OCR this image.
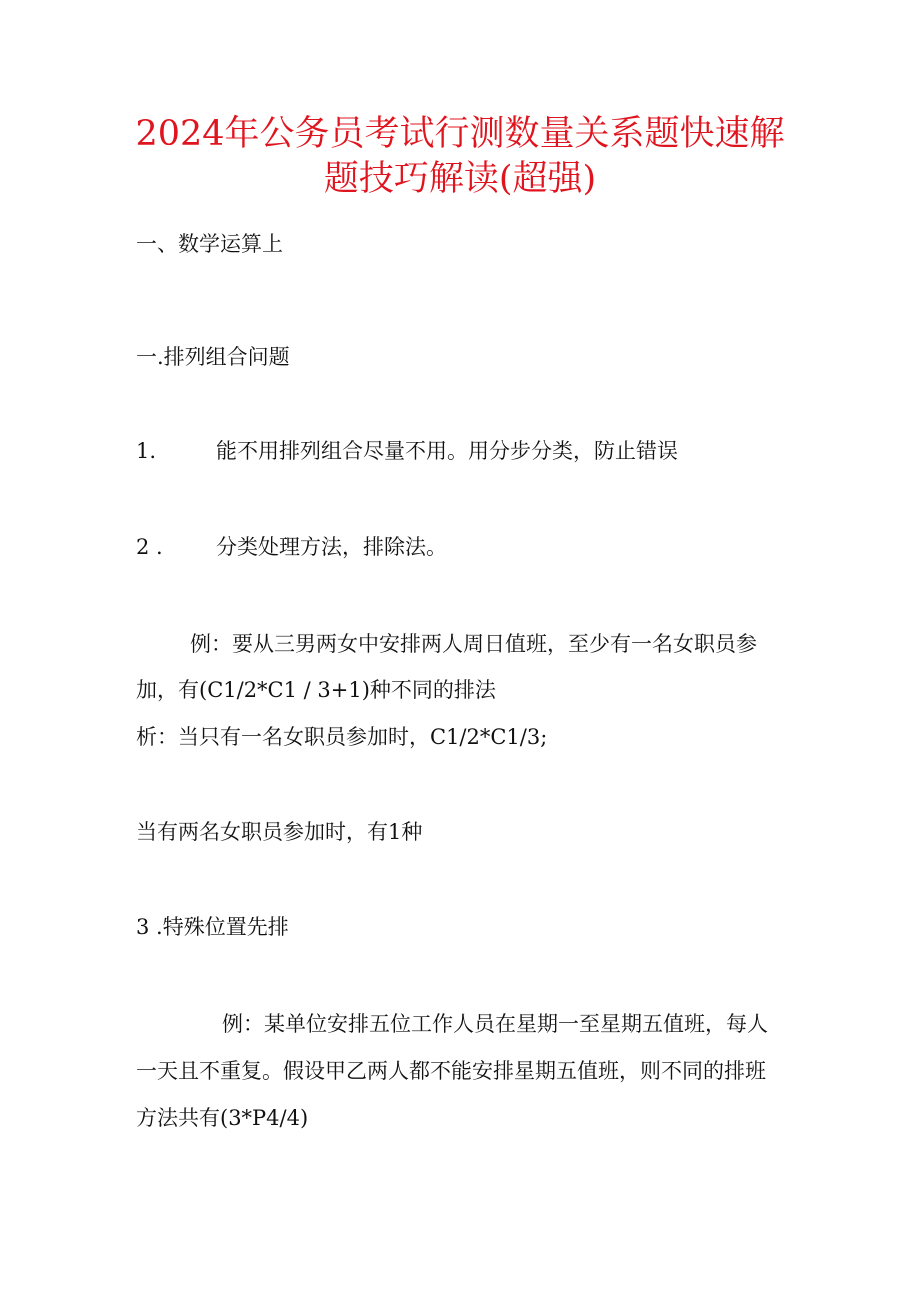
2024年公务员考试行测数量关系题快速解
题技巧解读(超强)

一、数学运算上

一.排列组合问题

1.	能不用排列组合尽量不用。用分步分类，防止错误

2 .	分类处理方法，排除法。

例：要从三男两女中安排两人周日值班，至少有一名女职员参

加，有(C1/2*C1 / 3+1)种不同的排法

析：当只有一名女职员参加时，C1/2*C1/3;

当有两名女职员参加时，有1种

3 .特殊位置先排

例：某单位安排五位工作人员在星期一至星期五值班，每人

一天且不重复。假设甲乙两人都不能安排星期五值班，则不同的排班

方法共有(3*P4/4)
